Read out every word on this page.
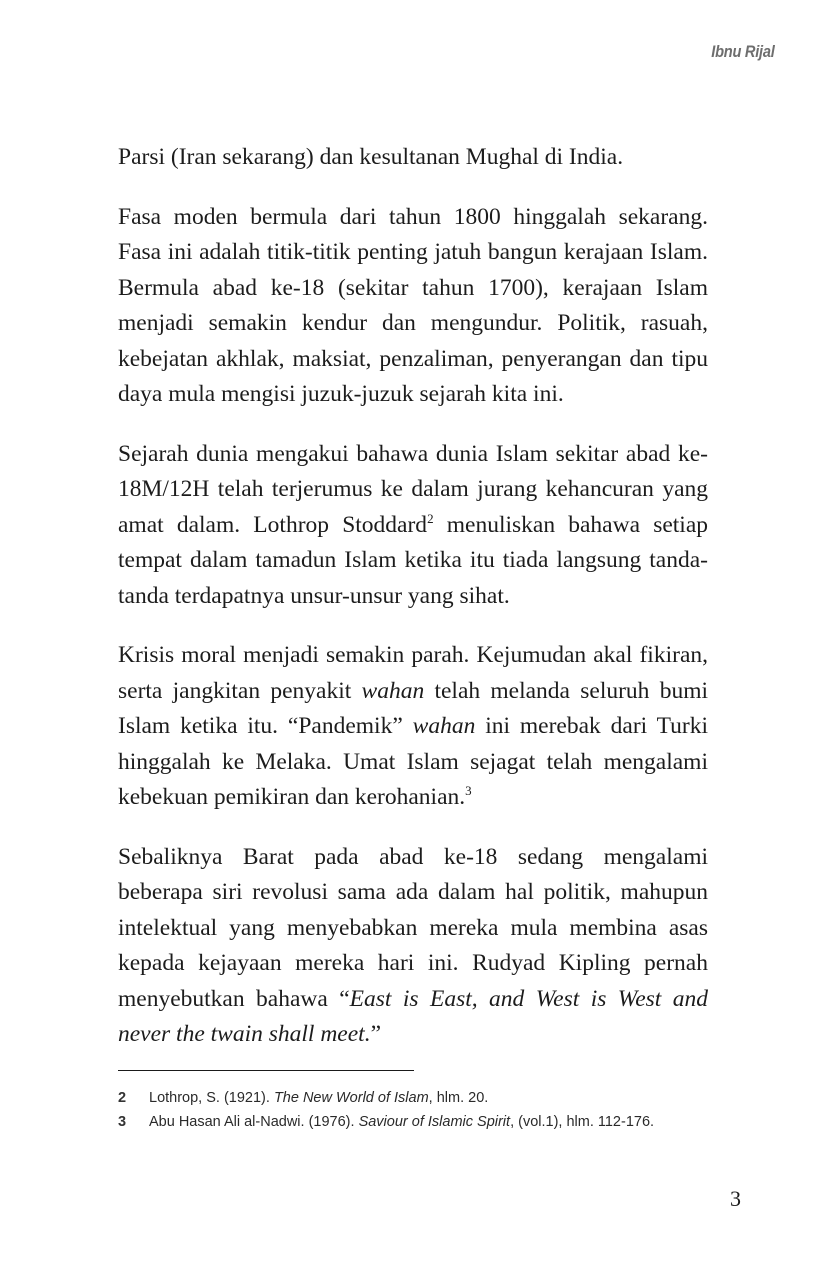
Ibnu Rijal

Parsi (Iran sekarang) dan kesultanan Mughal di India.

Fasa moden bermula dari tahun 1800 hinggalah sekarang. Fasa ini adalah titik-titik penting jatuh bangun kerajaan Islam. Bermula abad ke-18 (sekitar tahun 1700), kerajaan Islam menjadi semakin kendur dan mengundur. Politik, rasuah, kebejatan akhlak, maksiat, penzaliman, penyerangan dan tipu daya mula mengisi juzuk-juzuk sejarah kita ini.

Sejarah dunia mengakui bahawa dunia Islam sekitar abad ke-18M/12H telah terjerumus ke dalam jurang kehancuran yang amat dalam. Lothrop Stoddard$^2$ menuliskan bahawa setiap tempat dalam tamadun Islam ketika itu tiada langsung tanda-tanda terdapatnya unsur-unsur yang sihat.

Krisis moral menjadi semakin parah. Kejumudan akal fikiran, serta jangkitan penyakit wahan telah melanda seluruh bumi Islam ketika itu. “Pandemik” wahan ini merebak dari Turki hinggalah ke Melaka. Umat Islam sejagat telah mengalami kebekuan pemikiran dan kerohanian.$^3$

Sebaliknya Barat pada abad ke-18 sedang mengalami beberapa siri revolusi sama ada dalam hal politik, mahupun intelektual yang menyebabkan mereka mula membina asas kepada kejayaan mereka hari ini. Rudyad Kipling pernah menyebutkan bahawa “East is East, and West is West and never the twain shall meet.”

2	Lothrop, S. (1921). The New World of Islam, hlm. 20.
3	Abu Hasan Ali al-Nadwi. (1976). Saviour of Islamic Spirit, (vol.1), hlm. 112-176.
3
